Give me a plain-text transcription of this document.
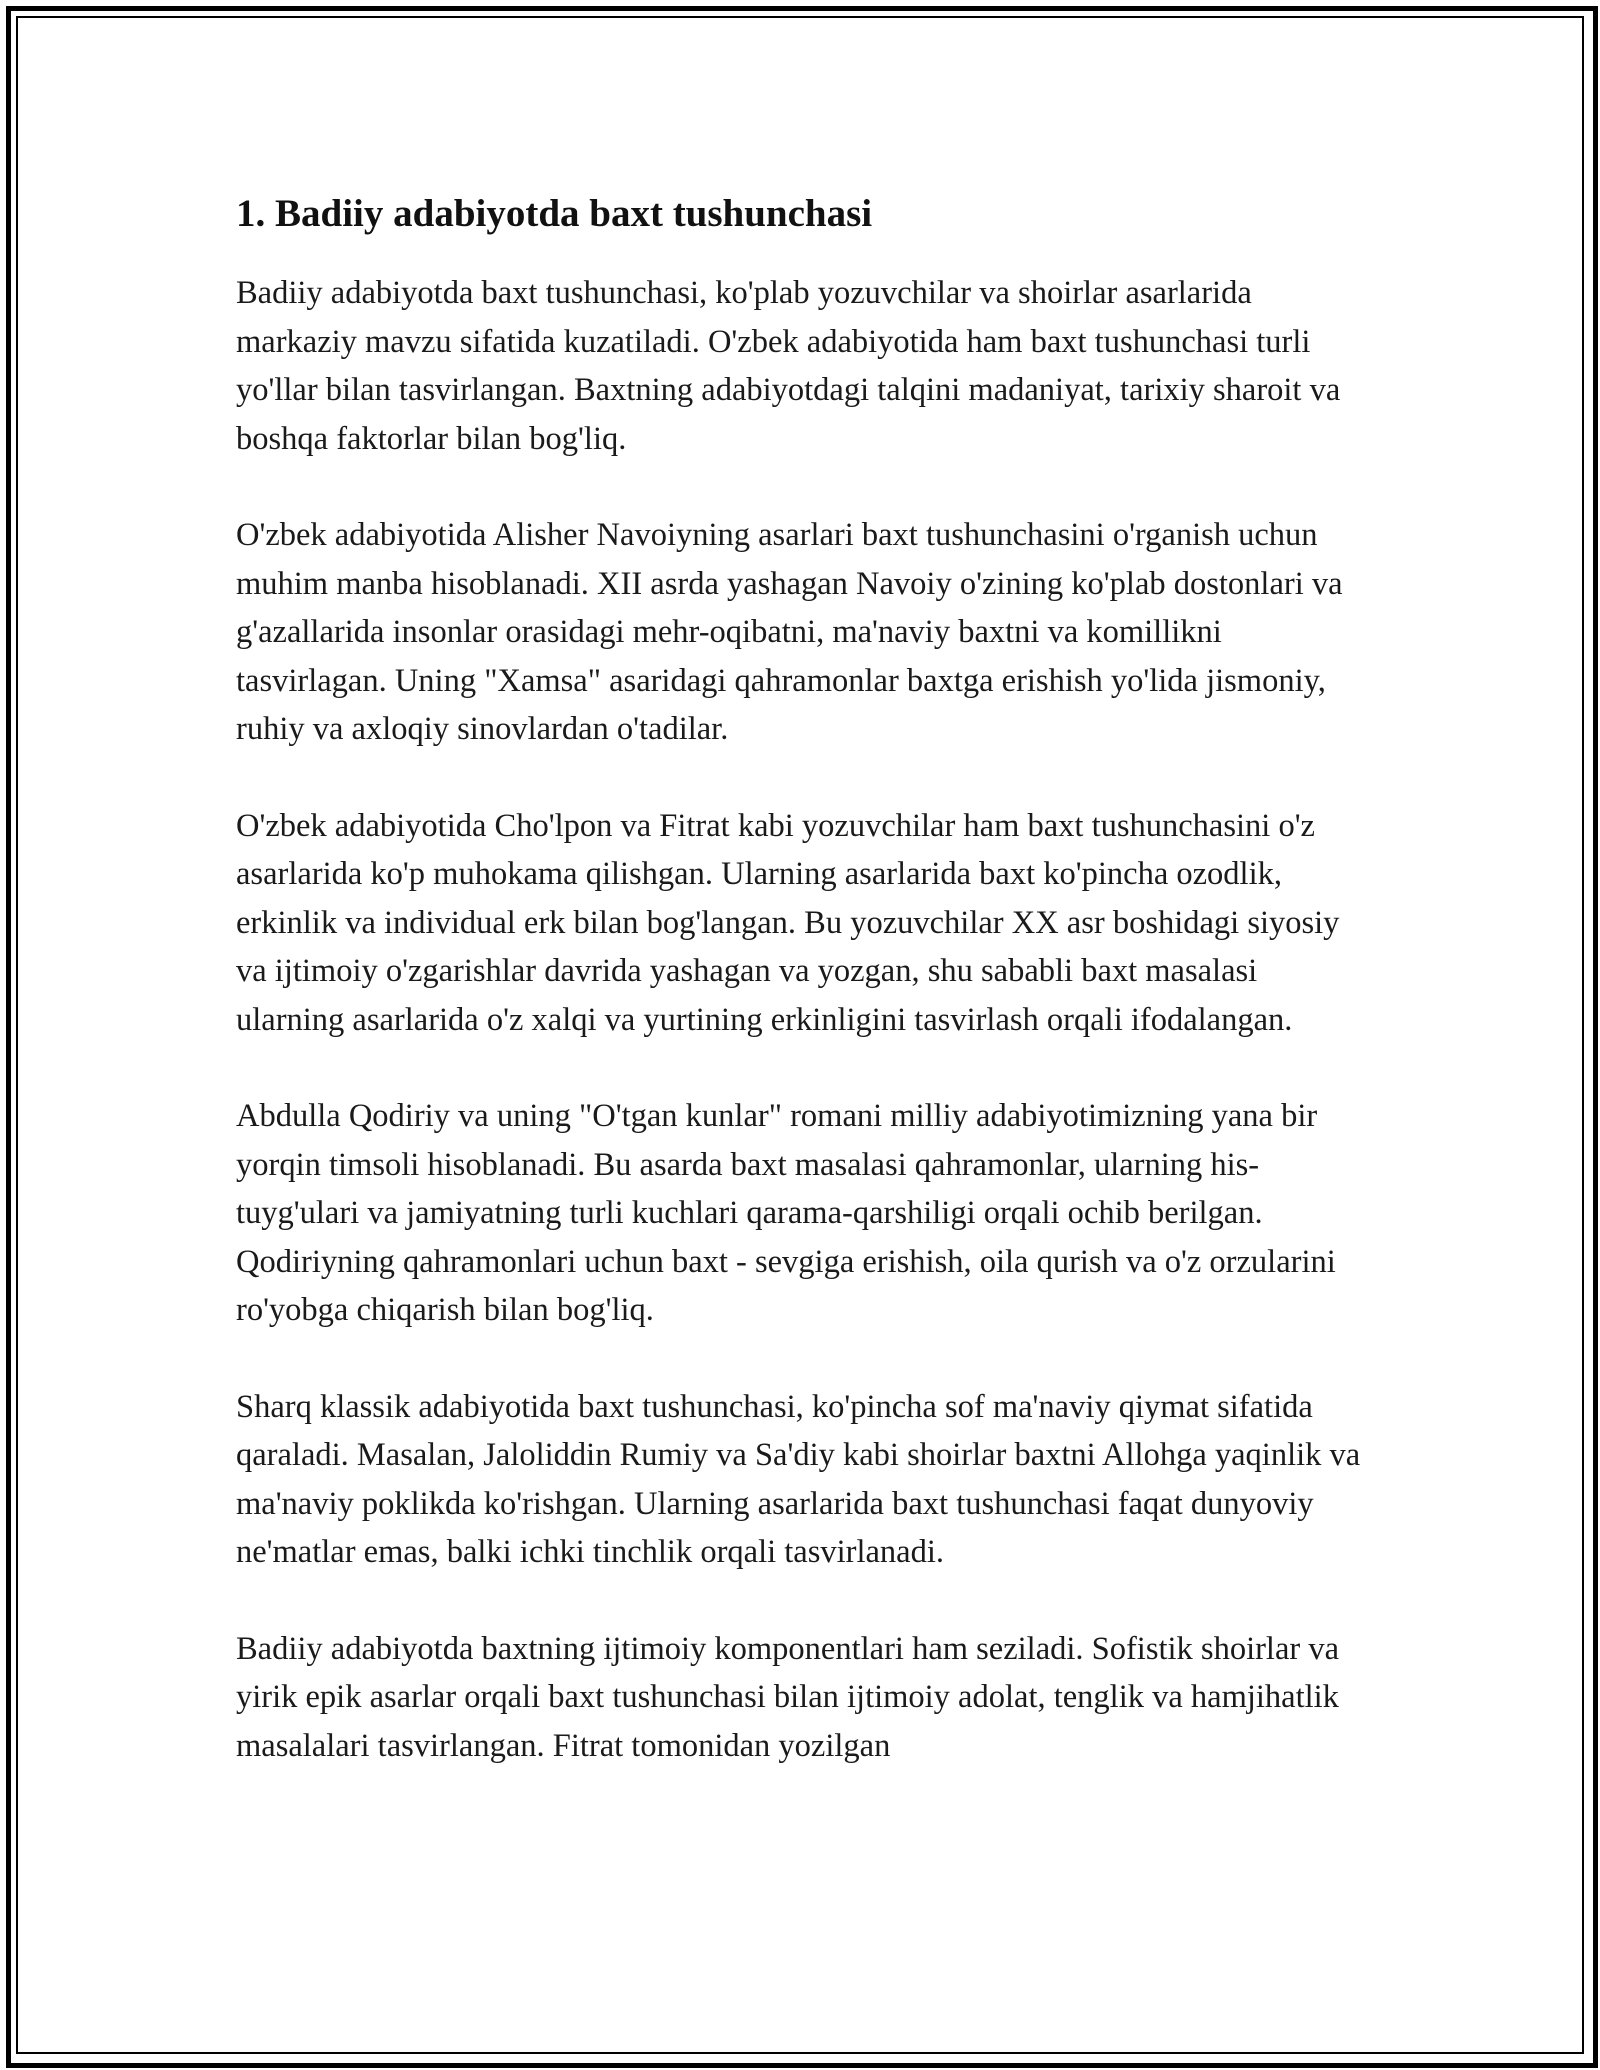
1. Badiiy adabiyotda baxt tushunchasi

Badiiy adabiyotda baxt tushunchasi, ko'plab yozuvchilar va shoirlar asarlarida markaziy mavzu sifatida kuzatiladi. O'zbek adabiyotida ham baxt tushunchasi turli yo'llar bilan tasvirlangan. Baxtning adabiyotdagi talqini madaniyat, tarixiy sharoit va boshqa faktorlar bilan bog'liq.

O'zbek adabiyotida Alisher Navoiyning asarlari baxt tushunchasini o'rganish uchun muhim manba hisoblanadi. XII asrda yashagan Navoiy o'zining ko'plab dostonlari va g'azallarida insonlar orasidagi mehr-oqibatni, ma'naviy baxtni va komillikni tasvirlagan. Uning "Xamsa" asaridagi qahramonlar baxtga erishish yo'lida jismoniy, ruhiy va axloqiy sinovlardan o'tadilar.

O'zbek adabiyotida Cho'lpon va Fitrat kabi yozuvchilar ham baxt tushunchasini o'z asarlarida ko'p muhokama qilishgan. Ularning asarlarida baxt ko'pincha ozodlik, erkinlik va individual erk bilan bog'langan. Bu yozuvchilar XX asr boshidagi siyosiy va ijtimoiy o'zgarishlar davrida yashagan va yozgan, shu sababli baxt masalasi ularning asarlarida o'z xalqi va yurtining erkinligini tasvirlash orqali ifodalangan.

Abdulla Qodiriy va uning "O'tgan kunlar" romani milliy adabiyotimizning yana bir yorqin timsoli hisoblanadi. Bu asarda baxt masalasi qahramonlar, ularning his-tuyg'ulari va jamiyatning turli kuchlari qarama-qarshiligi orqali ochib berilgan. Qodiriyning qahramonlari uchun baxt - sevgiga erishish, oila qurish va o'z orzularini ro'yobga chiqarish bilan bog'liq.

Sharq klassik adabiyotida baxt tushunchasi, ko'pincha sof ma'naviy qiymat sifatida qaraladi. Masalan, Jaloliddin Rumiy va Sa'diy kabi shoirlar baxtni Allohga yaqinlik va ma'naviy poklikda ko'rishgan. Ularning asarlarida baxt tushunchasi faqat dunyoviy ne'matlar emas, balki ichki tinchlik orqali tasvirlanadi.

Badiiy adabiyotda baxtning ijtimoiy komponentlari ham seziladi. Sofistik shoirlar va yirik epik asarlar orqali baxt tushunchasi bilan ijtimoiy adolat, tenglik va hamjihatlik masalalari tasvirlangan. Fitrat tomonidan yozilgan
